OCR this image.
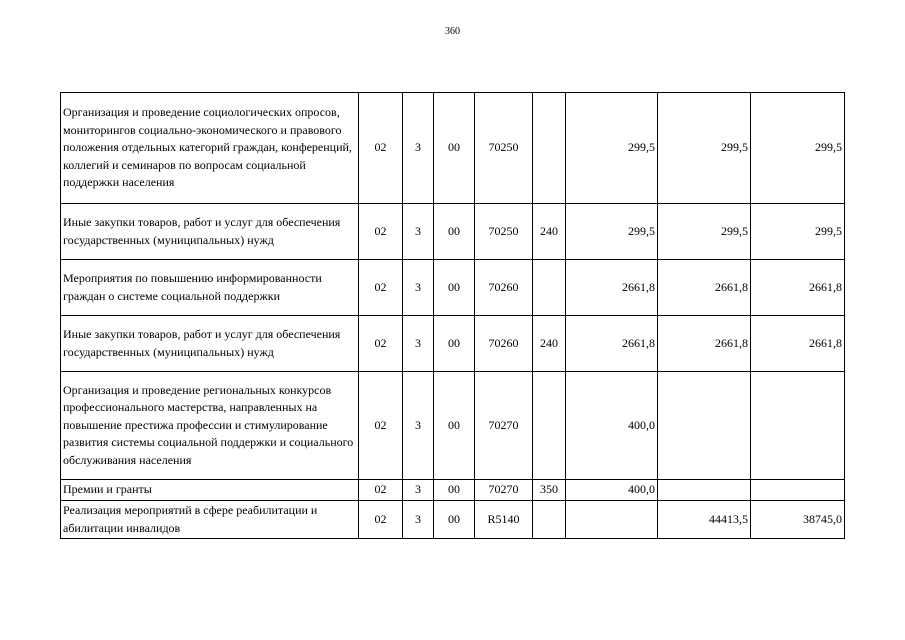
360
Организация и проведение социологических опросов, мониторингов социально-экономического и правового положения отдельных категорий граждан, конференций, коллегий и семинаров по вопросам социальной поддержки населения	02	3	00	70250		299,5	299,5	299,5
Иные закупки товаров, работ и услуг для обеспечения государственных (муниципальных) нужд	02	3	00	70250	240	299,5	299,5	299,5
Мероприятия по повышению информированности граждан о системе социальной поддержки	02	3	00	70260		2661,8	2661,8	2661,8
Иные закупки товаров, работ и услуг для обеспечения государственных (муниципальных) нужд	02	3	00	70260	240	2661,8	2661,8	2661,8
Организация и проведение региональных конкурсов профессионального мастерства, направленных на повышение престижа профессии и стимулирование развития системы социальной поддержки и социального обслуживания населения	02	3	00	70270		400,0		
Премии и гранты	02	3	00	70270	350	400,0		
Реализация мероприятий в сфере реабилитации и абилитации инвалидов	02	3	00	R5140			44413,5	38745,0
